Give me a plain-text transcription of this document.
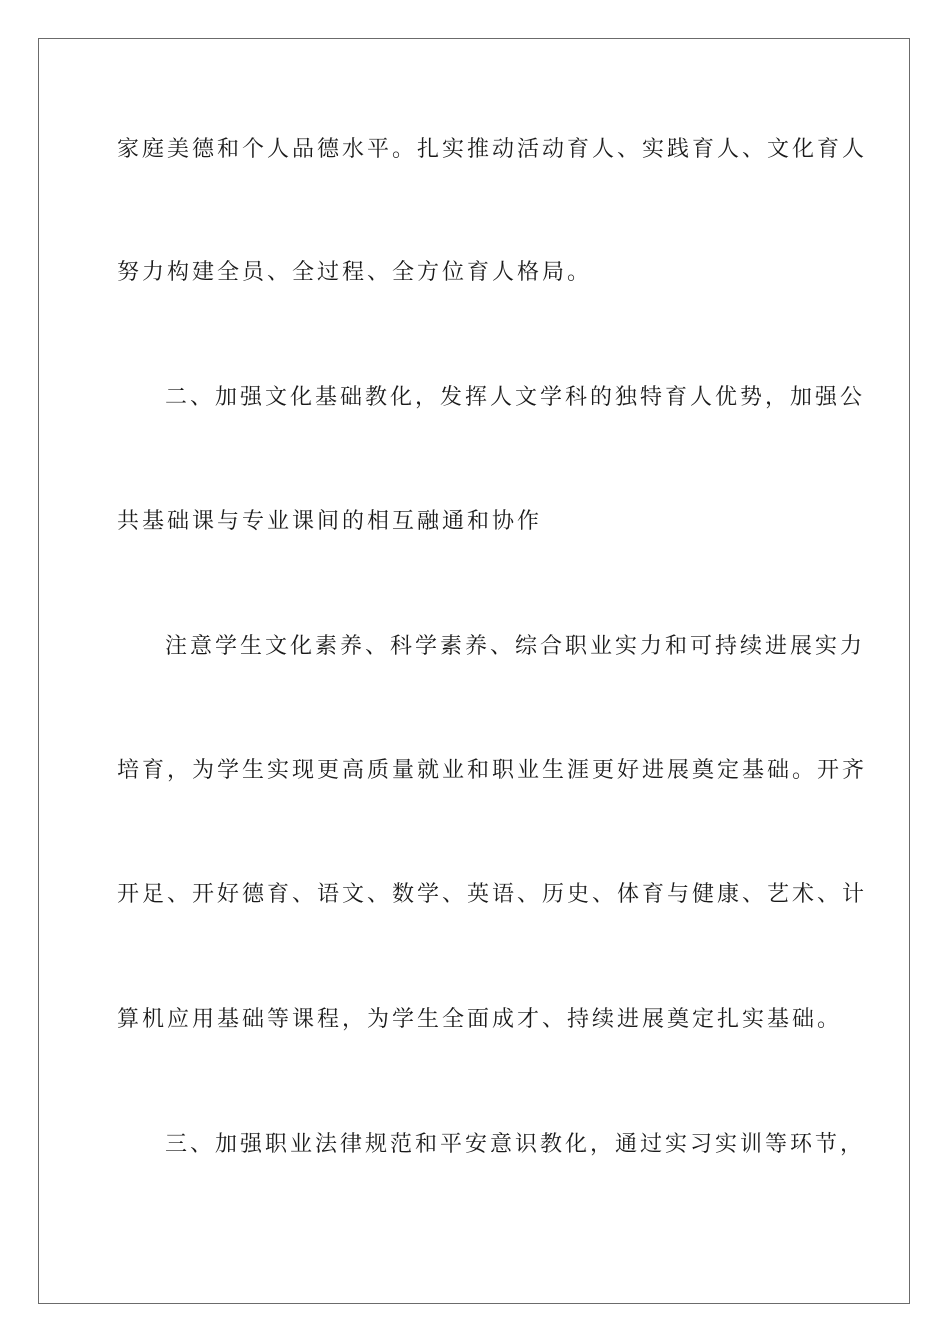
家庭美德和个人品德水平。扎实推动活动育人、实践育人、文化育人
努力构建全员、全过程、全方位育人格局。
二、加强文化基础教化，发挥人文学科的独特育人优势，加强公
共基础课与专业课间的相互融通和协作
注意学生文化素养、科学素养、综合职业实力和可持续进展实力
培育，为学生实现更高质量就业和职业生涯更好进展奠定基础。开齐
开足、开好德育、语文、数学、英语、历史、体育与健康、艺术、计
算机应用基础等课程，为学生全面成才、持续进展奠定扎实基础。
三、加强职业法律规范和平安意识教化，通过实习实训等环节，
